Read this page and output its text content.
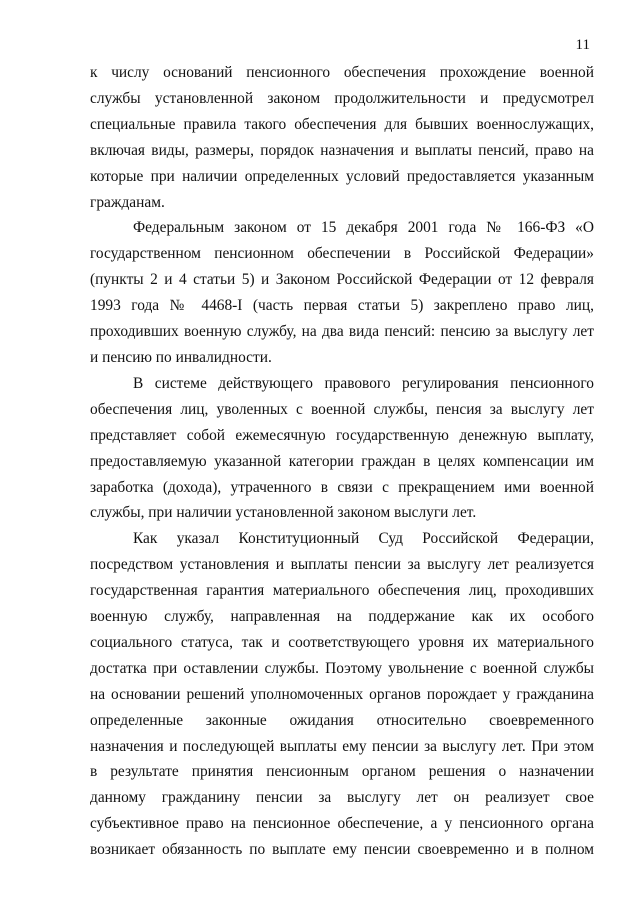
11

к числу оснований пенсионного обеспечения прохождение военной
службы установленной законом продолжительности и предусмотрел
специальные правила такого обеспечения для бывших военнослужащих,
включая виды, размеры, порядок назначения и выплаты пенсий, право на
которые при наличии определенных условий предоставляется указанным
гражданам.

Федеральным законом от 15 декабря 2001 года № 166-ФЗ «О
государственном пенсионном обеспечении в Российской Федерации»
(пункты 2 и 4 статьи 5) и Законом Российской Федерации от 12 февраля
1993 года № 4468-I (часть первая статьи 5) закреплено право лиц,
проходивших военную службу, на два вида пенсий: пенсию за выслугу лет
и пенсию по инвалидности.

В системе действующего правового регулирования пенсионного
обеспечения лиц, уволенных с военной службы, пенсия за выслугу лет
представляет собой ежемесячную государственную денежную выплату,
предоставляемую указанной категории граждан в целях компенсации им
заработка (дохода), утраченного в связи с прекращением ими военной
службы, при наличии установленной законом выслуги лет.

Как указал Конституционный Суд Российской Федерации,
посредством установления и выплаты пенсии за выслугу лет реализуется
государственная гарантия материального обеспечения лиц, проходивших
военную службу, направленная на поддержание как их особого
социального статуса, так и соответствующего уровня их материального
достатка при оставлении службы. Поэтому увольнение с военной службы
на основании решений уполномоченных органов порождает у гражданина
определенные законные ожидания относительно своевременного
назначения и последующей выплаты ему пенсии за выслугу лет. При этом
в результате принятия пенсионным органом решения о назначении
данному гражданину пенсии за выслугу лет он реализует свое
субъективное право на пенсионное обеспечение, а у пенсионного органа
возникает обязанность по выплате ему пенсии своевременно и в полном
